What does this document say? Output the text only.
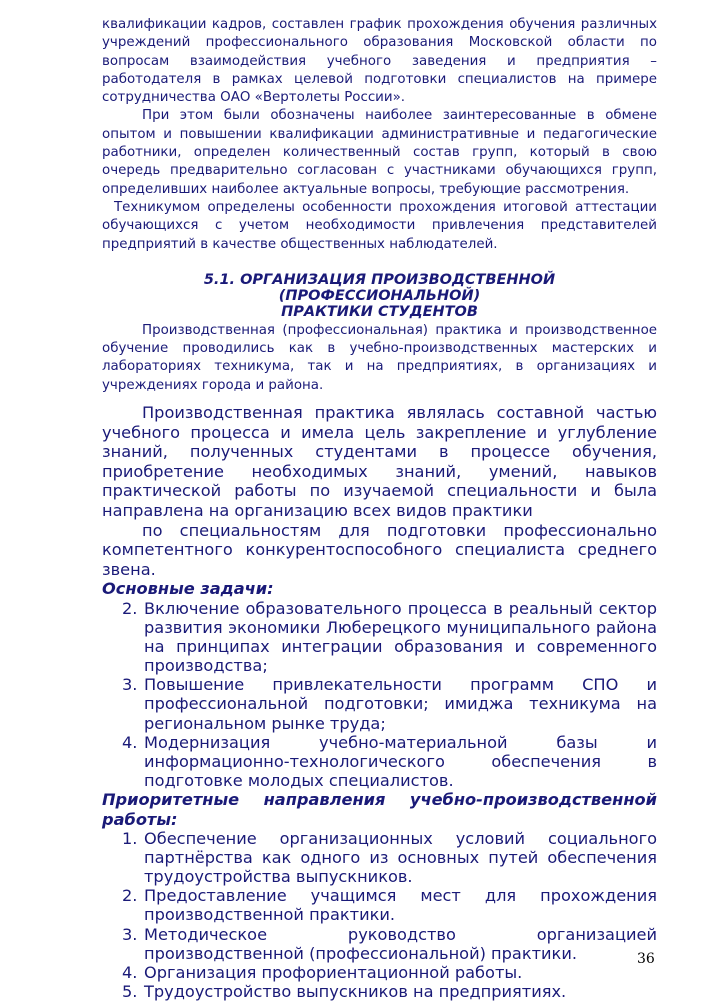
квалификации кадров, составлен график прохождения обучения различных учреждений профессионального образования Московской области по вопросам взаимодействия учебного заведения и предприятия – работодателя в рамках целевой подготовки специалистов на примере сотрудничества ОАО «Вертолеты России».

При этом были обозначены наиболее заинтересованные в обмене опытом и повышении квалификации административные и педагогические работники, определен количественный состав групп, который в свою очередь предварительно согласован с участниками обучающихся групп, определивших наиболее актуальные вопросы, требующие рассмотрения.

Техникумом определены особенности прохождения итоговой аттестации обучающихся с учетом необходимости привлечения представителей предприятий в качестве общественных наблюдателей.

5.1. ОРГАНИЗАЦИЯ ПРОИЗВОДСТВЕННОЙ (ПРОФЕССИОНАЛЬНОЙ)
ПРАКТИКИ СТУДЕНТОВ

Производственная (профессиональная) практика и производственное обучение проводились как в учебно-производственных мастерских и лабораториях техникума, так и на предприятиях, в организациях и учреждениях города и района.

Производственная практика являлась составной частью учебного процесса и имела цель закрепление и углубление знаний, полученных студентами в процессе обучения, приобретение необходимых знаний, умений, навыков практической работы по изучаемой специальности и была направлена на организацию всех видов практики

по специальностям для подготовки профессионально компетентного конкурентоспособного специалиста среднего звена.

Основные задачи:

2. Включение образовательного процесса в реальный сектор развития экономики Люберецкого муниципального района на принципах интеграции образования и современного производства;
3. Повышение привлекательности программ СПО и профессиональной подготовки; имиджа техникума на региональном рынке труда;
4. Модернизация учебно-материальной базы и информационно-технологического обеспечения в подготовке молодых специалистов.

Приоритетные направления учебно-производственной работы:

1. Обеспечение организационных условий социального партнёрства как одного из основных путей обеспечения трудоустройства выпускников.
2. Предоставление учащимся мест для прохождения производственной практики.
3. Методическое руководство организацией производственной (профессиональной) практики.
4. Организация профориентационной работы.
5. Трудоустройство выпускников на предприятиях.
36
